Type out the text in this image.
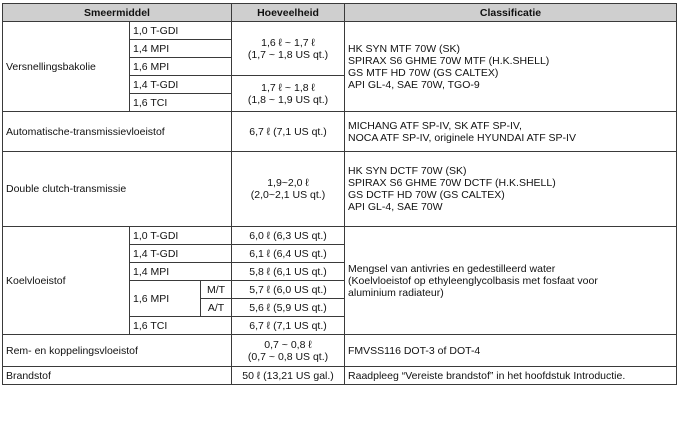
Smeermiddel			Hoeveelheid	Classificatie
Versnellingsbakolie	1,0 T-GDI		1,6 ℓ ~ 1,7 ℓ
(1,7 ~ 1,8 US qt.)	HK SYN MTF 70W (SK)
SPIRAX S6 GHME 70W MTF (H.K.SHELL)
GS MTF HD 70W (GS CALTEX)
API GL-4, SAE 70W, TGO-9

	1,4 MPI			
	1,6 MPI			
	1,4 T-GDI		1,7 ℓ ~ 1,8 ℓ
(1,8 ~ 1,9 US qt.)	

	1,6 TCI			
Automatische-transmissievloeistof			6,7 ℓ (7,1 US qt.)	MICHANG ATF SP-IV, SK ATF SP-IV,
NOCA ATF SP-IV, originele HYUNDAI ATF SP-IV

Double clutch-transmissie			1,9~2,0 ℓ
(2,0~2,1 US qt.)	HK SYN DCTF 70W (SK)
SPIRAX S6 GHME 70W DCTF (H.K.SHELL)
GS DCTF HD 70W (GS CALTEX)
API GL-4, SAE 70W

Koelvloeistof	1,0 T-GDI		6,0 ℓ (6,3 US qt.)	Mengsel van antivries en gedestilleerd water
(Koelvloeistof op ethyleenglycolbasis met fosfaat voor
aluminium radiateur)

	1,4 T-GDI		6,1 ℓ (6,4 US qt.)	
	1,4 MPI		5,8 ℓ (6,1 US qt.)	
	1,6 MPI	M/T	5,7 ℓ (6,0 US qt.)	
		A/T	5,6 ℓ (5,9 US qt.)	
	1,6 TCI		6,7 ℓ (7,1 US qt.)	
Rem- en koppelingsvloeistof			0,7 ~ 0,8 ℓ
(0,7 ~ 0,8 US qt.)	FMVSS116 DOT-3 of DOT-4
Brandstof			50 ℓ (13,21 US gal.)	Raadpleeg “Vereiste brandstof” in het hoofdstuk Introductie.
